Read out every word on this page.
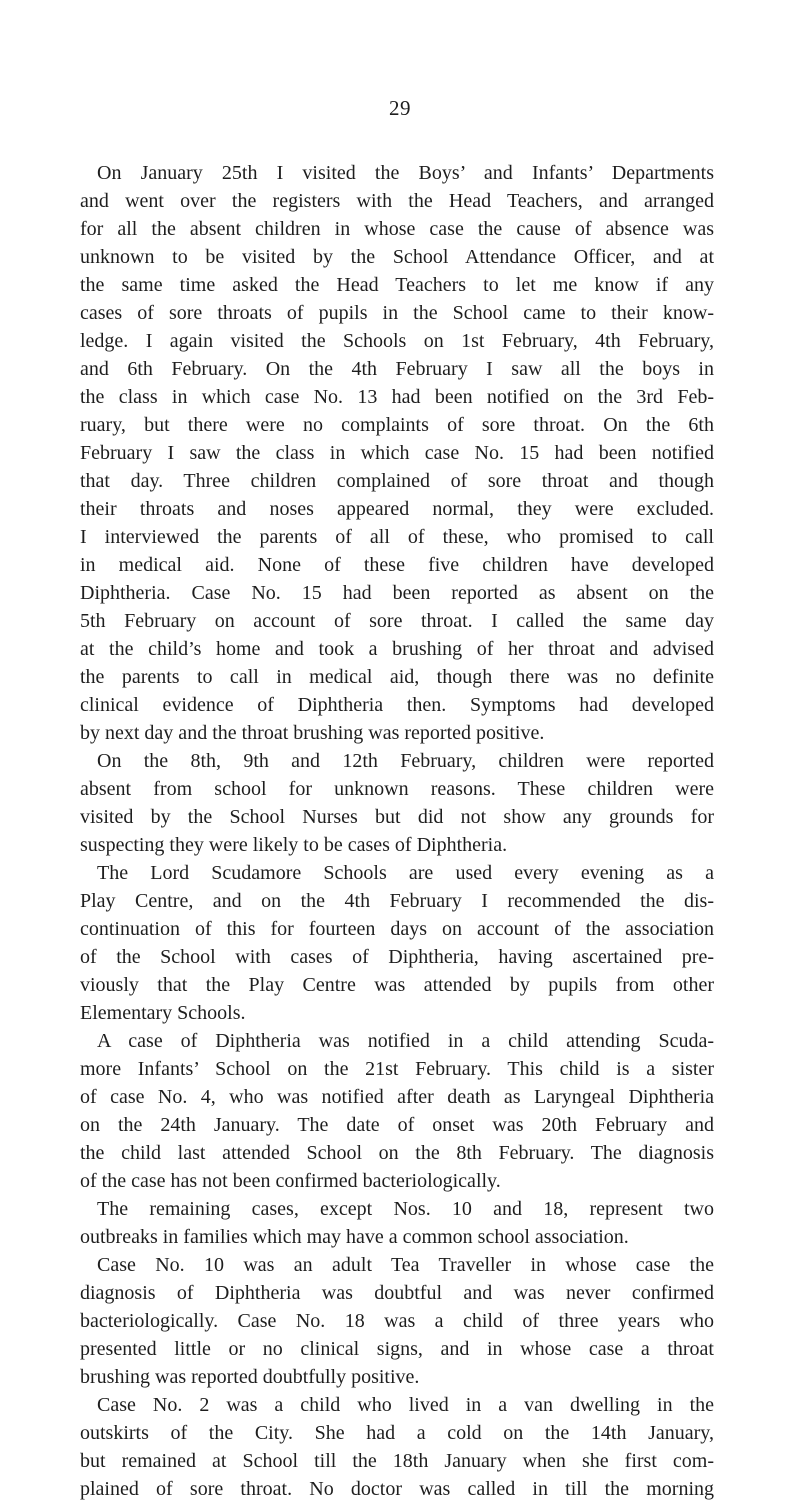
29
On January 25th I visited the Boys’ and Infants’ Departments
and went over the registers with the Head Teachers, and arranged
for all the absent children in whose case the cause of absence was
unknown to be visited by the School Attendance Officer, and at
the same time asked the Head Teachers to let me know if any
cases of sore throats of pupils in the School came to their know-
ledge. I again visited the Schools on 1st February, 4th February,
and 6th February. On the 4th February I saw all the boys in
the class in which case No. 13 had been notified on the 3rd Feb-
ruary, but there were no complaints of sore throat. On the 6th
February I saw the class in which case No. 15 had been notified
that day. Three children complained of sore throat and though
their throats and noses appeared normal, they were excluded.
I interviewed the parents of all of these, who promised to call
in medical aid. None of these five children have developed
Diphtheria. Case No. 15 had been reported as absent on the
5th February on account of sore throat. I called the same day
at the child’s home and took a brushing of her throat and advised
the parents to call in medical aid, though there was no definite
clinical evidence of Diphtheria then. Symptoms had developed
by next day and the throat brushing was reported positive.
On the 8th, 9th and 12th February, children were reported
absent from school for unknown reasons. These children were
visited by the School Nurses but did not show any grounds for
suspecting they were likely to be cases of Diphtheria.
The Lord Scudamore Schools are used every evening as a
Play Centre, and on the 4th February I recommended the dis-
continuation of this for fourteen days on account of the association
of the School with cases of Diphtheria, having ascertained pre-
viously that the Play Centre was attended by pupils from other
Elementary Schools.
A case of Diphtheria was notified in a child attending Scuda-
more Infants’ School on the 21st February. This child is a sister
of case No. 4, who was notified after death as Laryngeal Diphtheria
on the 24th January. The date of onset was 20th February and
the child last attended School on the 8th February. The diagnosis
of the case has not been confirmed bacteriologically.
The remaining cases, except Nos. 10 and 18, represent two
outbreaks in families which may have a common school association.
Case No. 10 was an adult Tea Traveller in whose case the
diagnosis of Diphtheria was doubtful and was never confirmed
bacteriologically. Case No. 18 was a child of three years who
presented little or no clinical signs, and in whose case a throat
brushing was reported doubtfully positive.
Case No. 2 was a child who lived in a van dwelling in the
outskirts of the City. She had a cold on the 14th January,
but remained at School till the 18th January when she first com-
plained of sore throat. No doctor was called in till the morning
